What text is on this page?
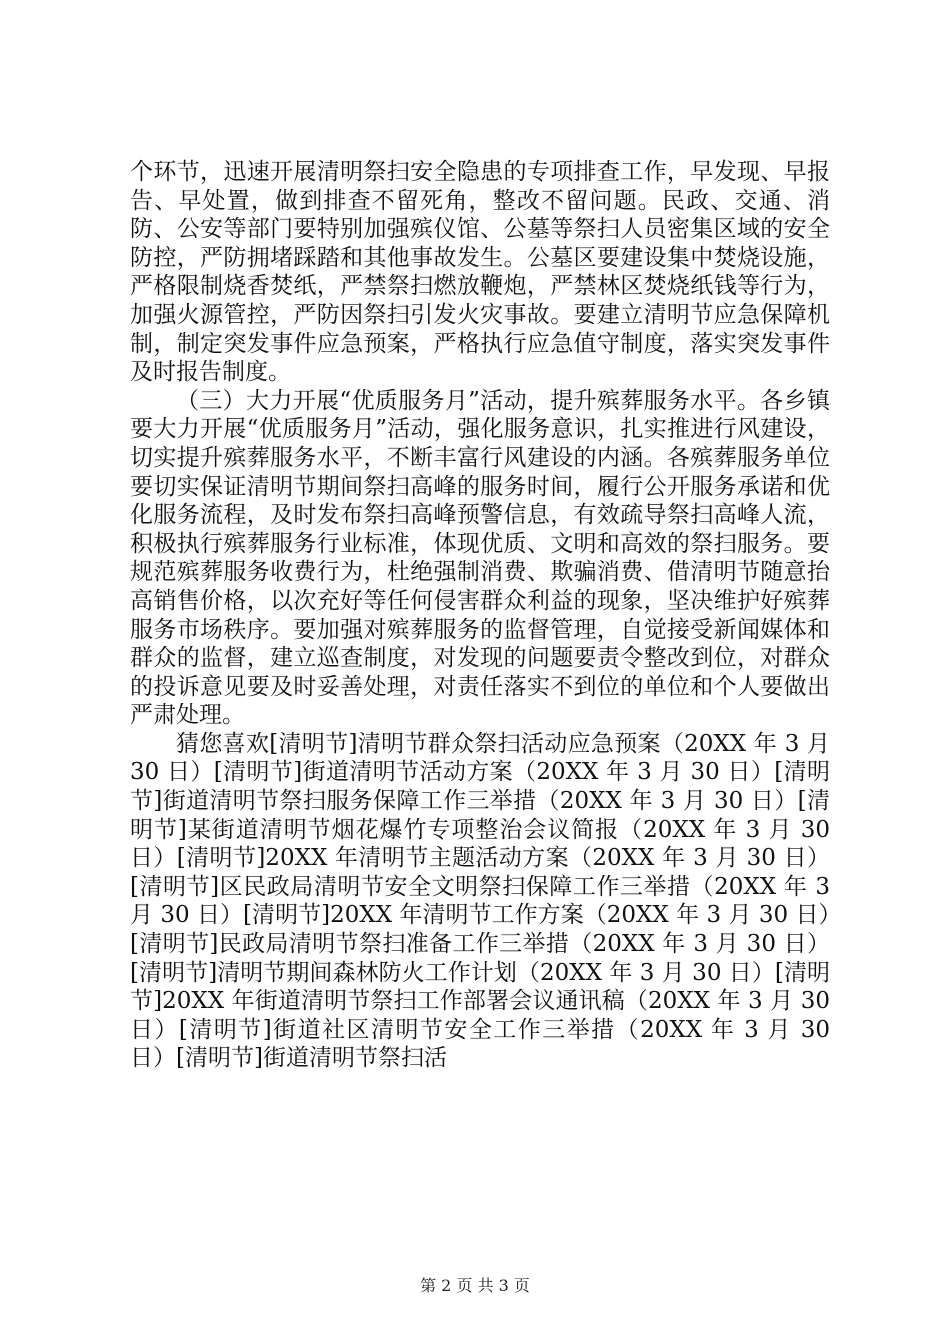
个环节，迅速开展清明祭扫安全隐患的专项排查工作，早发现、早报告、早处置，做到排查不留死角，整改不留问题。民政、交通、消防、公安等部门要特别加强殡仪馆、公墓等祭扫人员密集区域的安全防控，严防拥堵踩踏和其他事故发生。公墓区要建设集中焚烧设施，严格限制烧香焚纸，严禁祭扫燃放鞭炮，严禁林区焚烧纸钱等行为，加强火源管控，严防因祭扫引发火灾事故。要建立清明节应急保障机制，制定突发事件应急预案，严格执行应急值守制度，落实突发事件及时报告制度。

（三）大力开展“优质服务月”活动，提升殡葬服务水平。各乡镇要大力开展“优质服务月”活动，强化服务意识，扎实推进行风建设，切实提升殡葬服务水平，不断丰富行风建设的内涵。各殡葬服务单位要切实保证清明节期间祭扫高峰的服务时间，履行公开服务承诺和优化服务流程，及时发布祭扫高峰预警信息，有效疏导祭扫高峰人流，积极执行殡葬服务行业标准，体现优质、文明和高效的祭扫服务。要规范殡葬服务收费行为，杜绝强制消费、欺骗消费、借清明节随意抬高销售价格，以次充好等任何侵害群众利益的现象，坚决维护好殡葬服务市场秩序。要加强对殡葬服务的监督管理，自觉接受新闻媒体和群众的监督，建立巡查制度，对发现的问题要责令整改到位，对群众的投诉意见要及时妥善处理，对责任落实不到位的单位和个人要做出严肃处理。

猜您喜欢[清明节]清明节群众祭扫活动应急预案（20XX 年 3 月 30 日）[清明节]街道清明节活动方案（20XX 年 3 月 30 日）[清明节]街道清明节祭扫服务保障工作三举措（20XX 年 3 月 30 日）[清明节]某街道清明节烟花爆竹专项整治会议简报（20XX 年 3 月 30 日）[清明节]20XX 年清明节主题活动方案（20XX 年 3 月 30 日）[清明节]区民政局清明节安全文明祭扫保障工作三举措（20XX 年 3 月 30 日）[清明节]20XX 年清明节工作方案（20XX 年 3 月 30 日）[清明节]民政局清明节祭扫准备工作三举措（20XX 年 3 月 30 日）[清明节]清明节期间森林防火工作计划（20XX 年 3 月 30 日）[清明节]20XX 年街道清明节祭扫工作部署会议通讯稿（20XX 年 3 月 30 日）[清明节]街道社区清明节安全工作三举措（20XX 年 3 月 30 日）[清明节]街道清明节祭扫活

第 2 页 共 3 页
